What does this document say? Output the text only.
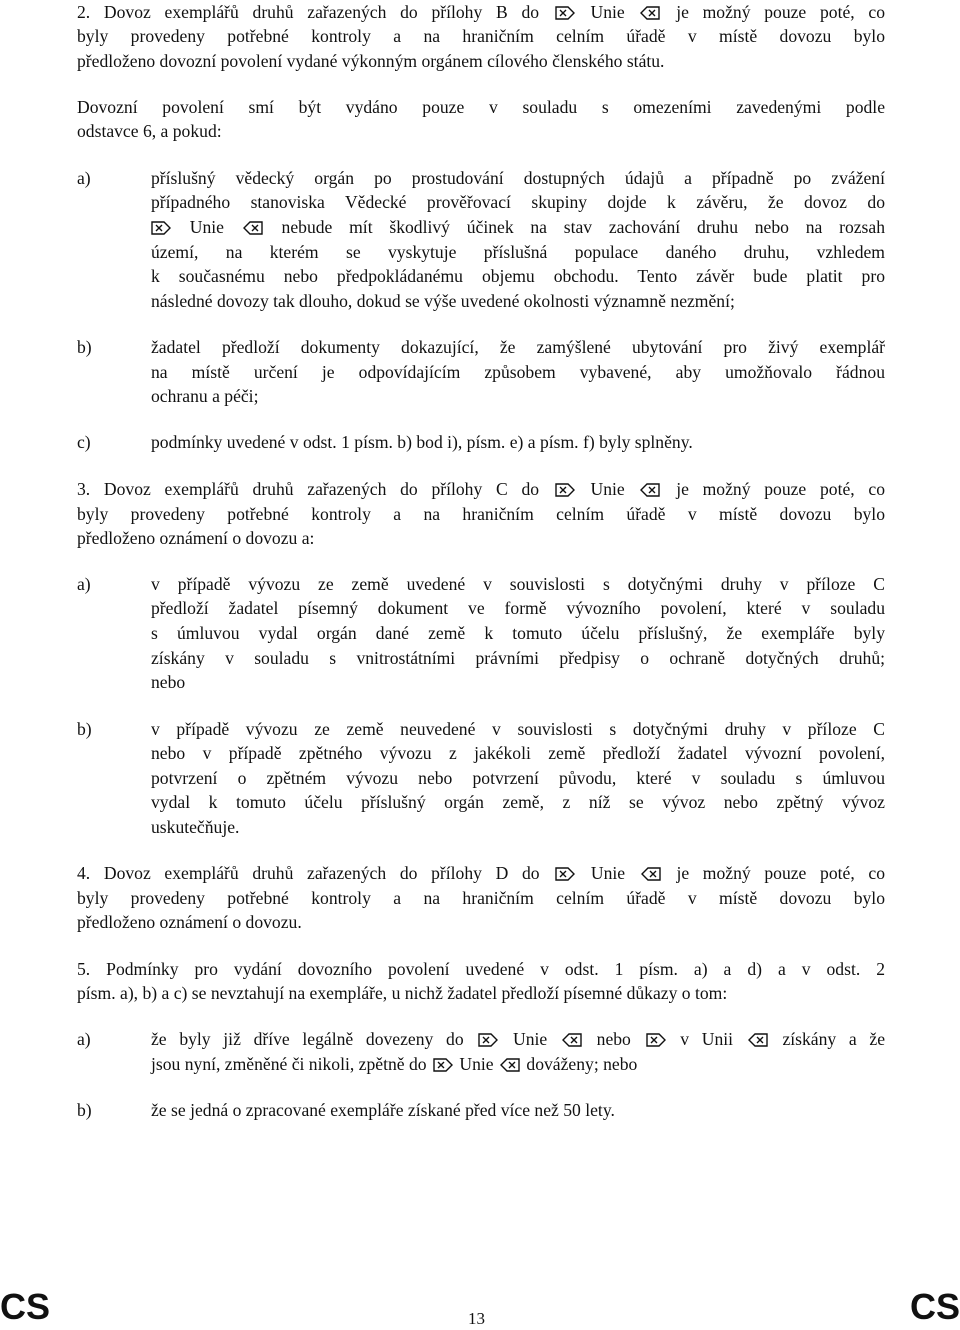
2. Dovoz exemplářů druhů zařazených do přílohy B do	Unie	je možný pouze poté, co
byly provedeny potřebné kontroly a na hraničním celním úřadě v místě dovozu bylo
předloženo dovozní povolení vydané výkonným orgánem cílového členského státu.
Dovozní povolení smí být vydáno pouze v souladu s omezeními zavedenými podle
odstavce 6, a pokud:
a)	příslušný vědecký orgán po prostudování dostupných údajů a případně po zvážení
případného stanoviska Vědecké prověřovací skupiny dojde k závěru, že dovoz do
Unie	nebude mít škodlivý účinek na stav zachování druhu nebo na rozsah
území, na kterém se vyskytuje příslušná populace daného druhu, vzhledem
k současnému nebo předpokládanému objemu obchodu. Tento závěr bude platit pro
následné dovozy tak dlouho, dokud se výše uvedené okolnosti významně nezmění;
b)	žadatel předloží dokumenty dokazující, že zamýšlené ubytování pro živý exemplář
na místě určení je odpovídajícím způsobem vybavené, aby umožňovalo řádnou
ochranu a péči;
c)	podmínky uvedené v odst. 1 písm. b) bod i), písm. e) a písm. f) byly splněny.
3. Dovoz exemplářů druhů zařazených do přílohy C do	Unie	je možný pouze poté, co
byly provedeny potřebné kontroly a na hraničním celním úřadě v místě dovozu bylo
předloženo oznámení o dovozu a:
a)	v případě vývozu ze země uvedené v souvislosti s dotyčnými druhy v příloze C
předloží žadatel písemný dokument ve formě vývozního povolení, které v souladu
s úmluvou vydal orgán dané země k tomuto účelu příslušný, že exempláře byly
získány v souladu s vnitrostátními právními předpisy o ochraně dotyčných druhů;
nebo
b)	v případě vývozu ze země neuvedené v souvislosti s dotyčnými druhy v příloze C
nebo v případě zpětného vývozu z jakékoli země předloží žadatel vývozní povolení,
potvrzení o zpětném vývozu nebo potvrzení původu, které v souladu s úmluvou
vydal k tomuto účelu příslušný orgán země, z níž se vývoz nebo zpětný vývoz
uskutečňuje.
4. Dovoz exemplářů druhů zařazených do přílohy D do	Unie	je možný pouze poté, co
byly provedeny potřebné kontroly a na hraničním celním úřadě v místě dovozu bylo
předloženo oznámení o dovozu.
5. Podmínky pro vydání dovozního povolení uvedené v odst. 1 písm. a) a d) a v odst. 2
písm. a), b) a c) se nevztahují na exempláře, u nichž žadatel předloží písemné důkazy o tom:
a)	že byly již dříve legálně dovezeny do	Unie	nebo	v Unii	získány a že
jsou nyní, změněné či nikoli, zpětně do Unie dováženy; nebo
b)	že se jedná o zpracované exempláře získané před více než 50 lety.
CS	13	CS
